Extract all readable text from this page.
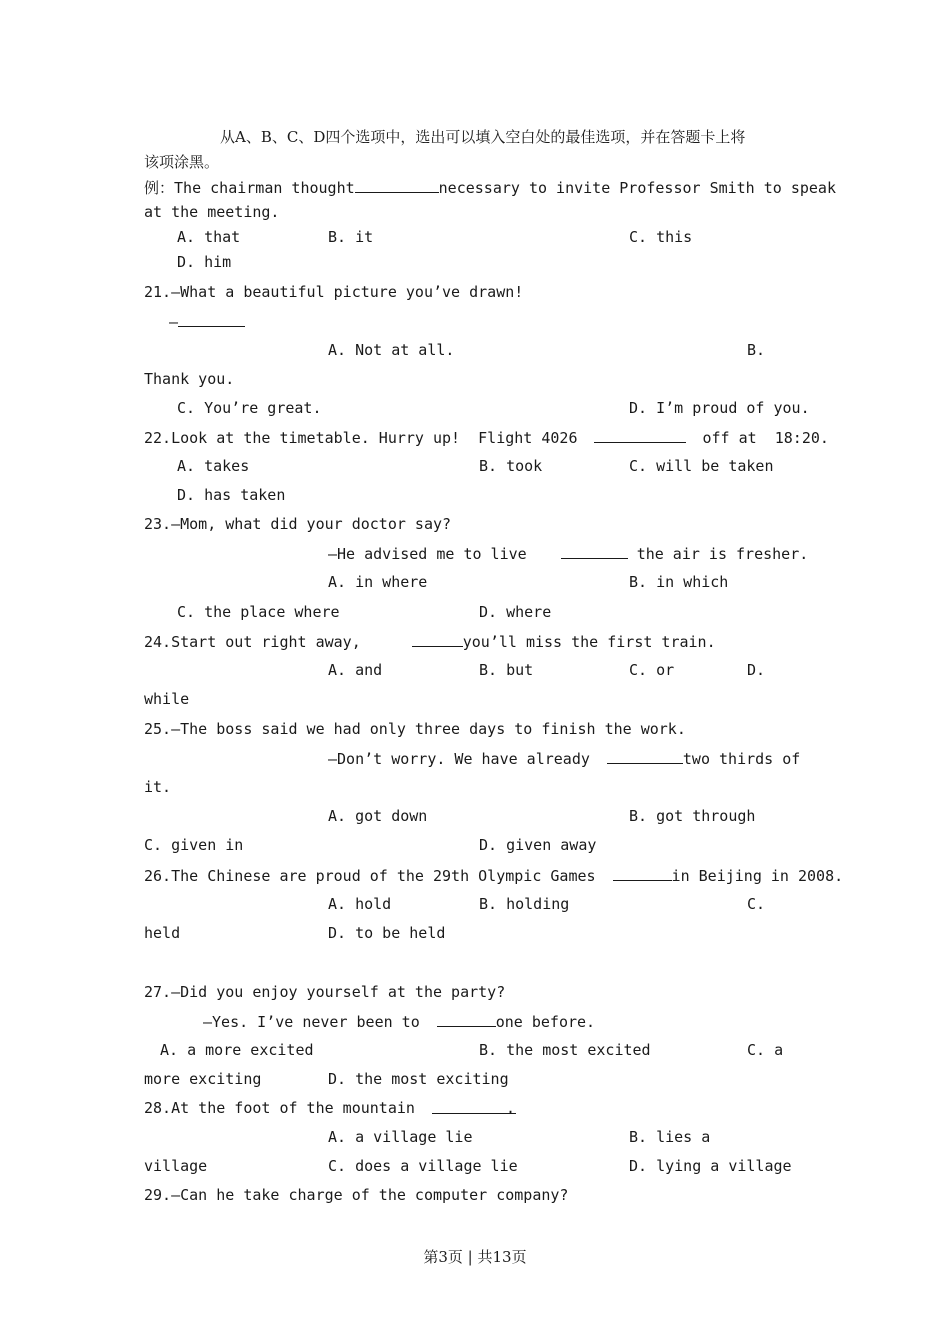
从A、B、C、D四个选项中，选出可以填入空白处的最佳选项，并在答题卡上将
该项涂黑。
例：The chairman thought	necessary to invite Professor Smith to speak
at the meeting.
A. that	B. it	C. this
D. him
21.—What a beautiful picture you’ve drawn!
—
A. Not at all.	B.
Thank you.
C. You’re great.	D. I’m proud of you.
22.Look at the timetable. Hurry up!  Flight 4026	off at  18:20.
A. takes	B. took	C. will be taken
D. has taken
23.—Mom, what did your doctor say?
—He advised me to live	the air is fresher.
A. in where	B. in which
C. the place where	D. where
24.Start out right away,	you’ll miss the first train.
A. and	B. but	C. or	D.
while
25.—The boss said we had only three days to finish the work.
—Don’t worry. We have already	two thirds of
it.
A. got down	B. got through
C. given in	D. given away
26.The Chinese are proud of the 29th Olympic Games	in Beijing in 2008.
A. hold	B. holding	C.
held	D. to be held
27.—Did you enjoy yourself at the party?
—Yes. I’ve never been to	one before.
A. a more excited	B. the most excited	C. a
more exciting	D. the most exciting
28.At the foot of the mountain	.
A. a village lie	B. lies a
village	C. does a village lie	D. lying a village
29.—Can he take charge of the computer company?
第3页 | 共13页
